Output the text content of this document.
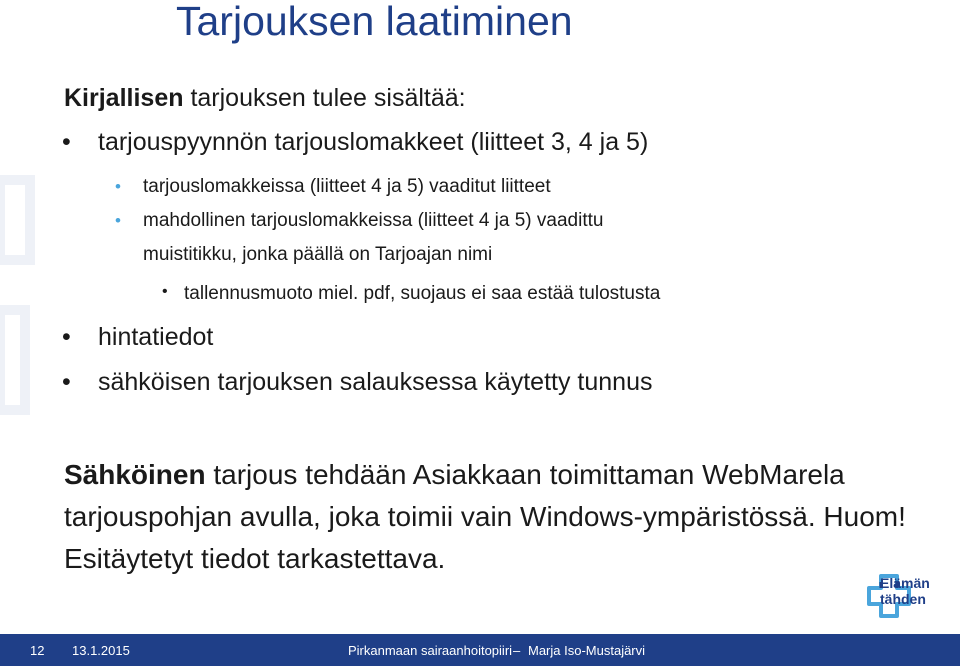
Tarjouksen laatiminen
Kirjallisen tarjouksen tulee sisältää:
• tarjouspyynnön tarjouslomakkeet (liitteet 3, 4 ja 5)
• tarjouslomakkeissa (liitteet 4 ja 5) vaaditut liitteet
• mahdollinen tarjouslomakkeissa (liitteet 4 ja 5) vaadittu
muistitikku, jonka päällä on Tarjoajan nimi
• tallennusmuoto miel. pdf, suojaus ei saa estää tulostusta
• hintatiedot
• sähköisen tarjouksen salauksessa käytetty tunnus
Sähköinen tarjous tehdään Asiakkaan toimittaman WebMarela tarjouspohjan avulla, joka toimii vain Windows-ympäristössä. Huom! Esitäytetyt tiedot tarkastettava.
Elämän
tähden
12 13.1.2015	Pirkanmaan sairaanhoitopiiri – Marja Iso-Mustajärvi
